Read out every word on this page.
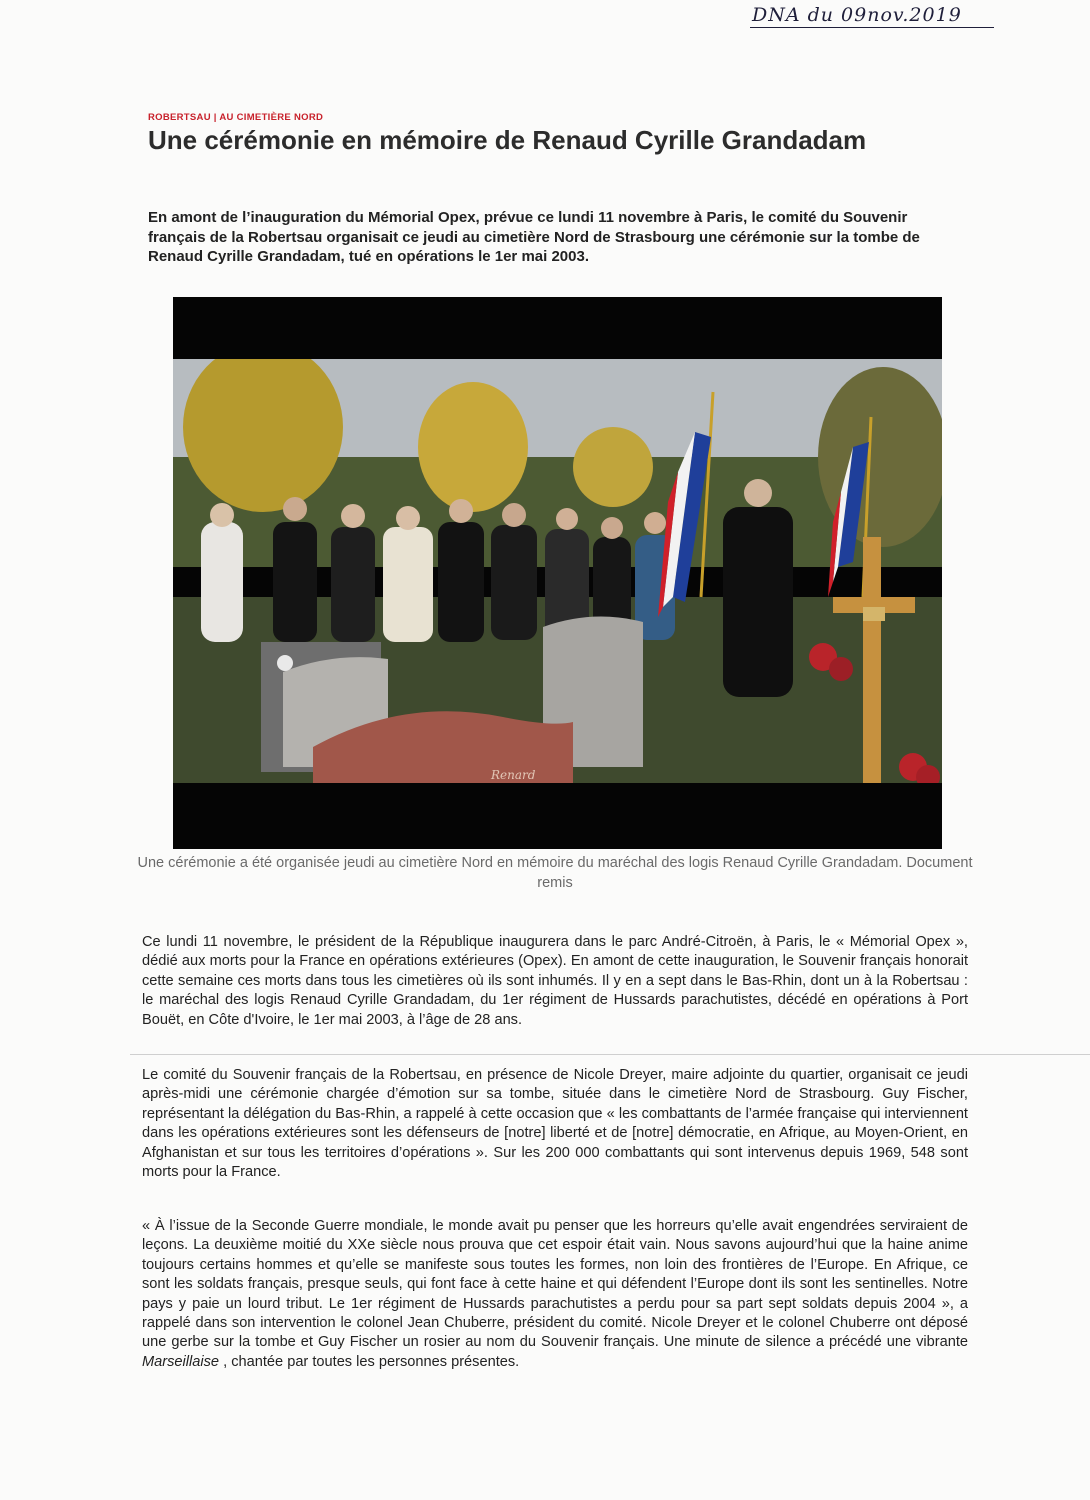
DNA du 09nov.2019
ROBERTSAU | AU CIMETIÈRE NORD
Une cérémonie en mémoire de Renaud Cyrille Grandadam
En amont de l’inauguration du Mémorial Opex, prévue ce lundi 11 novembre à Paris, le comité du Souvenir français de la Robertsau organisait ce jeudi au cimetière Nord de Strasbourg une cérémonie sur la tombe de Renaud Cyrille Grandadam, tué en opérations le 1er mai 2003.
Renard
Une cérémonie a été organisée jeudi au cimetière Nord en mémoire du maréchal des logis Renaud Cyrille Grandadam. Document remis
Ce lundi 11 novembre, le président de la République inaugurera dans le parc André-Citroën, à Paris, le « Mémorial Opex », dédié aux morts pour la France en opérations extérieures (Opex). En amont de cette inauguration, le Souvenir français honorait cette semaine ces morts dans tous les cimetières où ils sont inhumés. Il y en a sept dans le Bas-Rhin, dont un à la Robertsau : le maréchal des logis Renaud Cyrille Grandadam, du 1er régiment de Hussards parachutistes, décédé en opérations à Port Bouët, en Côte d'Ivoire, le 1er mai 2003, à l’âge de 28 ans.
Le comité du Souvenir français de la Robertsau, en présence de Nicole Dreyer, maire adjointe du quartier, organisait ce jeudi après-midi une cérémonie chargée d’émotion sur sa tombe, située dans le cimetière Nord de Strasbourg. Guy Fischer, représentant la délégation du Bas-Rhin, a rappelé à cette occasion que « les combattants de l’armée française qui interviennent dans les opérations extérieures sont les défenseurs de [notre] liberté et de [notre] démocratie, en Afrique, au Moyen-Orient, en Afghanistan et sur tous les territoires d’opérations ». Sur les 200 000 combattants qui sont intervenus depuis 1969, 548 sont morts pour la France.
« À l’issue de la Seconde Guerre mondiale, le monde avait pu penser que les horreurs qu’elle avait engendrées serviraient de leçons. La deuxième moitié du XXe siècle nous prouva que cet espoir était vain. Nous savons aujourd’hui que la haine anime toujours certains hommes et qu’elle se manifeste sous toutes les formes, non loin des frontières de l’Europe. En Afrique, ce sont les soldats français, presque seuls, qui font face à cette haine et qui défendent l’Europe dont ils sont les sentinelles. Notre pays y paie un lourd tribut. Le 1er régiment de Hussards parachutistes a perdu pour sa part sept soldats depuis 2004 », a rappelé dans son intervention le colonel Jean Chuberre, président du comité. Nicole Dreyer et le colonel Chuberre ont déposé une gerbe sur la tombe et Guy Fischer un rosier au nom du Souvenir français. Une minute de silence a précédé une vibrante Marseillaise , chantée par toutes les personnes présentes.
